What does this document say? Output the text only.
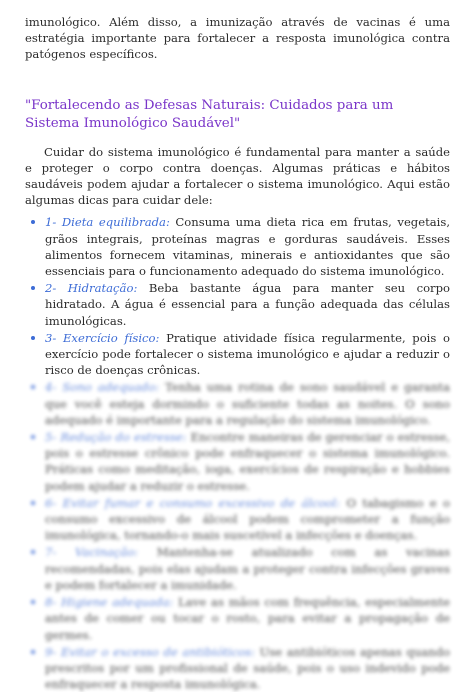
imunológico. Além disso, a imunização através de vacinas é uma estratégia importante para fortalecer a resposta imunológica contra patógenos específicos.

"Fortalecendo as Defesas Naturais: Cuidados para um Sistema Imunológico Saudável"

Cuidar do sistema imunológico é fundamental para manter a saúde e proteger o corpo contra doenças. Algumas práticas e hábitos saudáveis podem ajudar a fortalecer o sistema imunológico. Aqui estão algumas dicas para cuidar dele:

1- Dieta equilibrada: Consuma uma dieta rica em frutas, vegetais, grãos integrais, proteínas magras e gorduras saudáveis. Esses alimentos fornecem vitaminas, minerais e antioxidantes que são essenciais para o funcionamento adequado do sistema imunológico.
2- Hidratação: Beba bastante água para manter seu corpo hidratado. A água é essencial para a função adequada das células imunológicas.
3- Exercício físico: Pratique atividade física regularmente, pois o exercício pode fortalecer o sistema imunológico e ajudar a reduzir o risco de doenças crônicas.
4- Sono adequado: Tenha uma rotina de sono saudável e garanta que você esteja dormindo o suficiente todas as noites. O sono adequado é importante para a regulação do sistema imunológico.
5- Redução do estresse: Encontre maneiras de gerenciar o estresse, pois o estresse crônico pode enfraquecer o sistema imunológico. Práticas como meditação, ioga, exercícios de respiração e hobbies podem ajudar a reduzir o estresse.
6- Evitar fumar e consumo excessivo de álcool: O tabagismo e o consumo excessivo de álcool podem comprometer a função imunológica, tornando-o mais suscetível a infecções e doenças.
7- Vacinação: Mantenha-se atualizado com as vacinas recomendadas, pois elas ajudam a proteger contra infecções graves e podem fortalecer a imunidade.
8- Higiene adequada: Lave as mãos com frequência, especialmente antes de comer ou tocar o rosto, para evitar a propagação de germes.
9- Evitar o excesso de antibióticos: Use antibióticos apenas quando prescritos por um profissional de saúde, pois o uso indevido pode enfraquecer a resposta imunológica.
